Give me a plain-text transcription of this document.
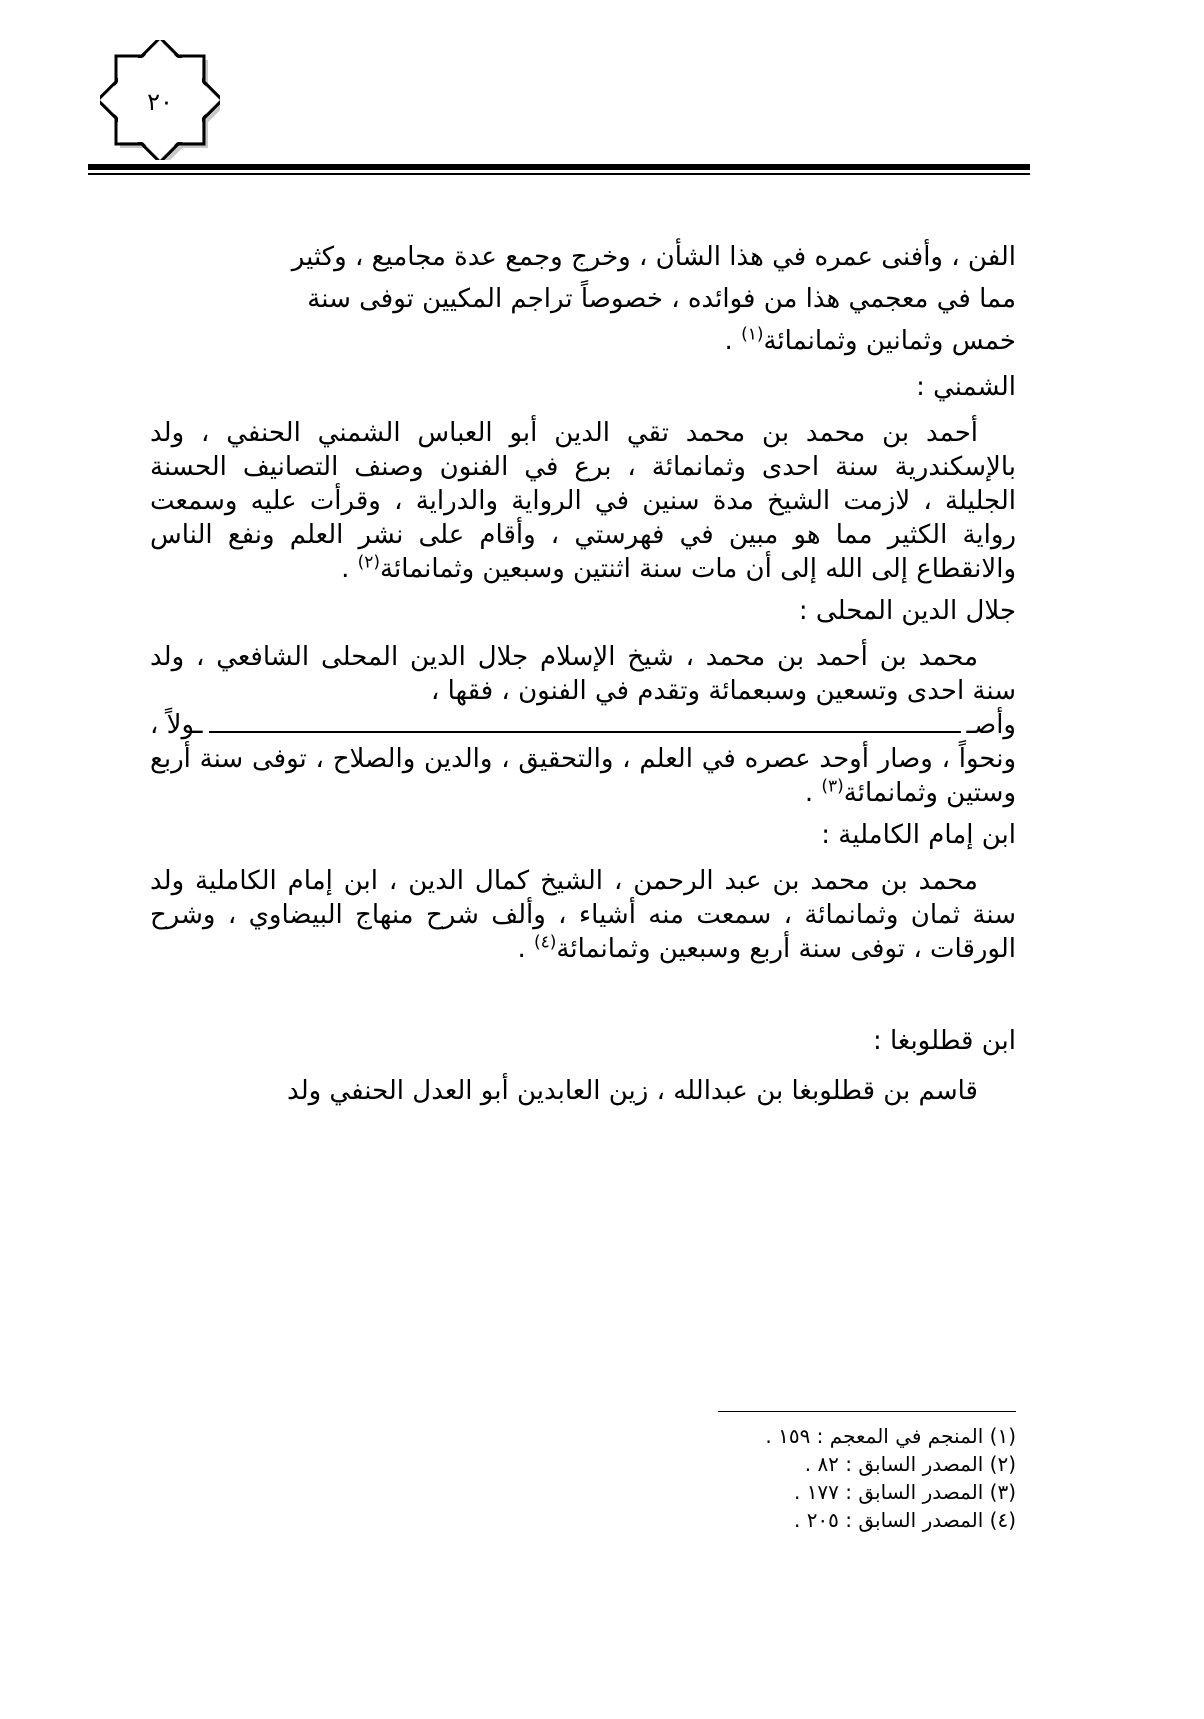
٢٠

الفن ، وأفنى عمره في هذا الشأن ، وخرج وجمع عدة مجاميع ، وكثير

مما في معجمي هذا من فوائده ، خصوصاً تراجم المكيين توفى سنة

خمس وثمانين وثمانمائة$^{(١)}$ .

الشمني :

أحمد بن محمد بن محمد تقي الدين أبو العباس الشمني الحنفي ، ولد بالإسكندرية سنة احدى وثمانمائة ، برع في الفنون وصنف التصانيف الحسنة الجليلة ، لازمت الشيخ مدة سنين في الرواية والدراية ، وقرأت عليه وسمعت رواية الكثير مما هو مبين في فهرستي ، وأقام على نشر العلم ونفع الناس والانقطاع إلى الله إلى أن مات سنة اثنتين وسبعين وثمانمائة$^{(٢)}$ .

جلال الدين المحلى :

محمد بن أحمد بن محمد ، شيخ الإسلام جلال الدين المحلى الشافعي ، ولد سنة احدى وتسعين وسبعمائة وتقدم في الفنون ، فقها ،

وأصـ
ـولاً ،

ونحواً ، وصار أوحد عصره في العلم ، والتحقيق ، والدين والصلاح ، توفى سنة أربع وستين وثمانمائة$^{(٣)}$ .

ابن إمام الكاملية :

محمد بن محمد بن عبد الرحمن ، الشيخ كمال الدين ، ابن إمام الكاملية ولد سنة ثمان وثمانمائة ، سمعت منه أشياء ، وألف شرح منهاج البيضاوي ، وشرح الورقات ، توفى سنة أربع وسبعين وثمانمائة$^{(٤)}$ .

ابن قطلوبغا :

قاسم بن قطلوبغا بن عبدالله ، زين العابدين أبو العدل الحنفي ولد

(١) المنجم في المعجم : ١٥٩ .

(٢) المصدر السابق : ٨٢ .

(٣) المصدر السابق : ١٧٧ .

(٤) المصدر السابق : ٢٠٥ .
